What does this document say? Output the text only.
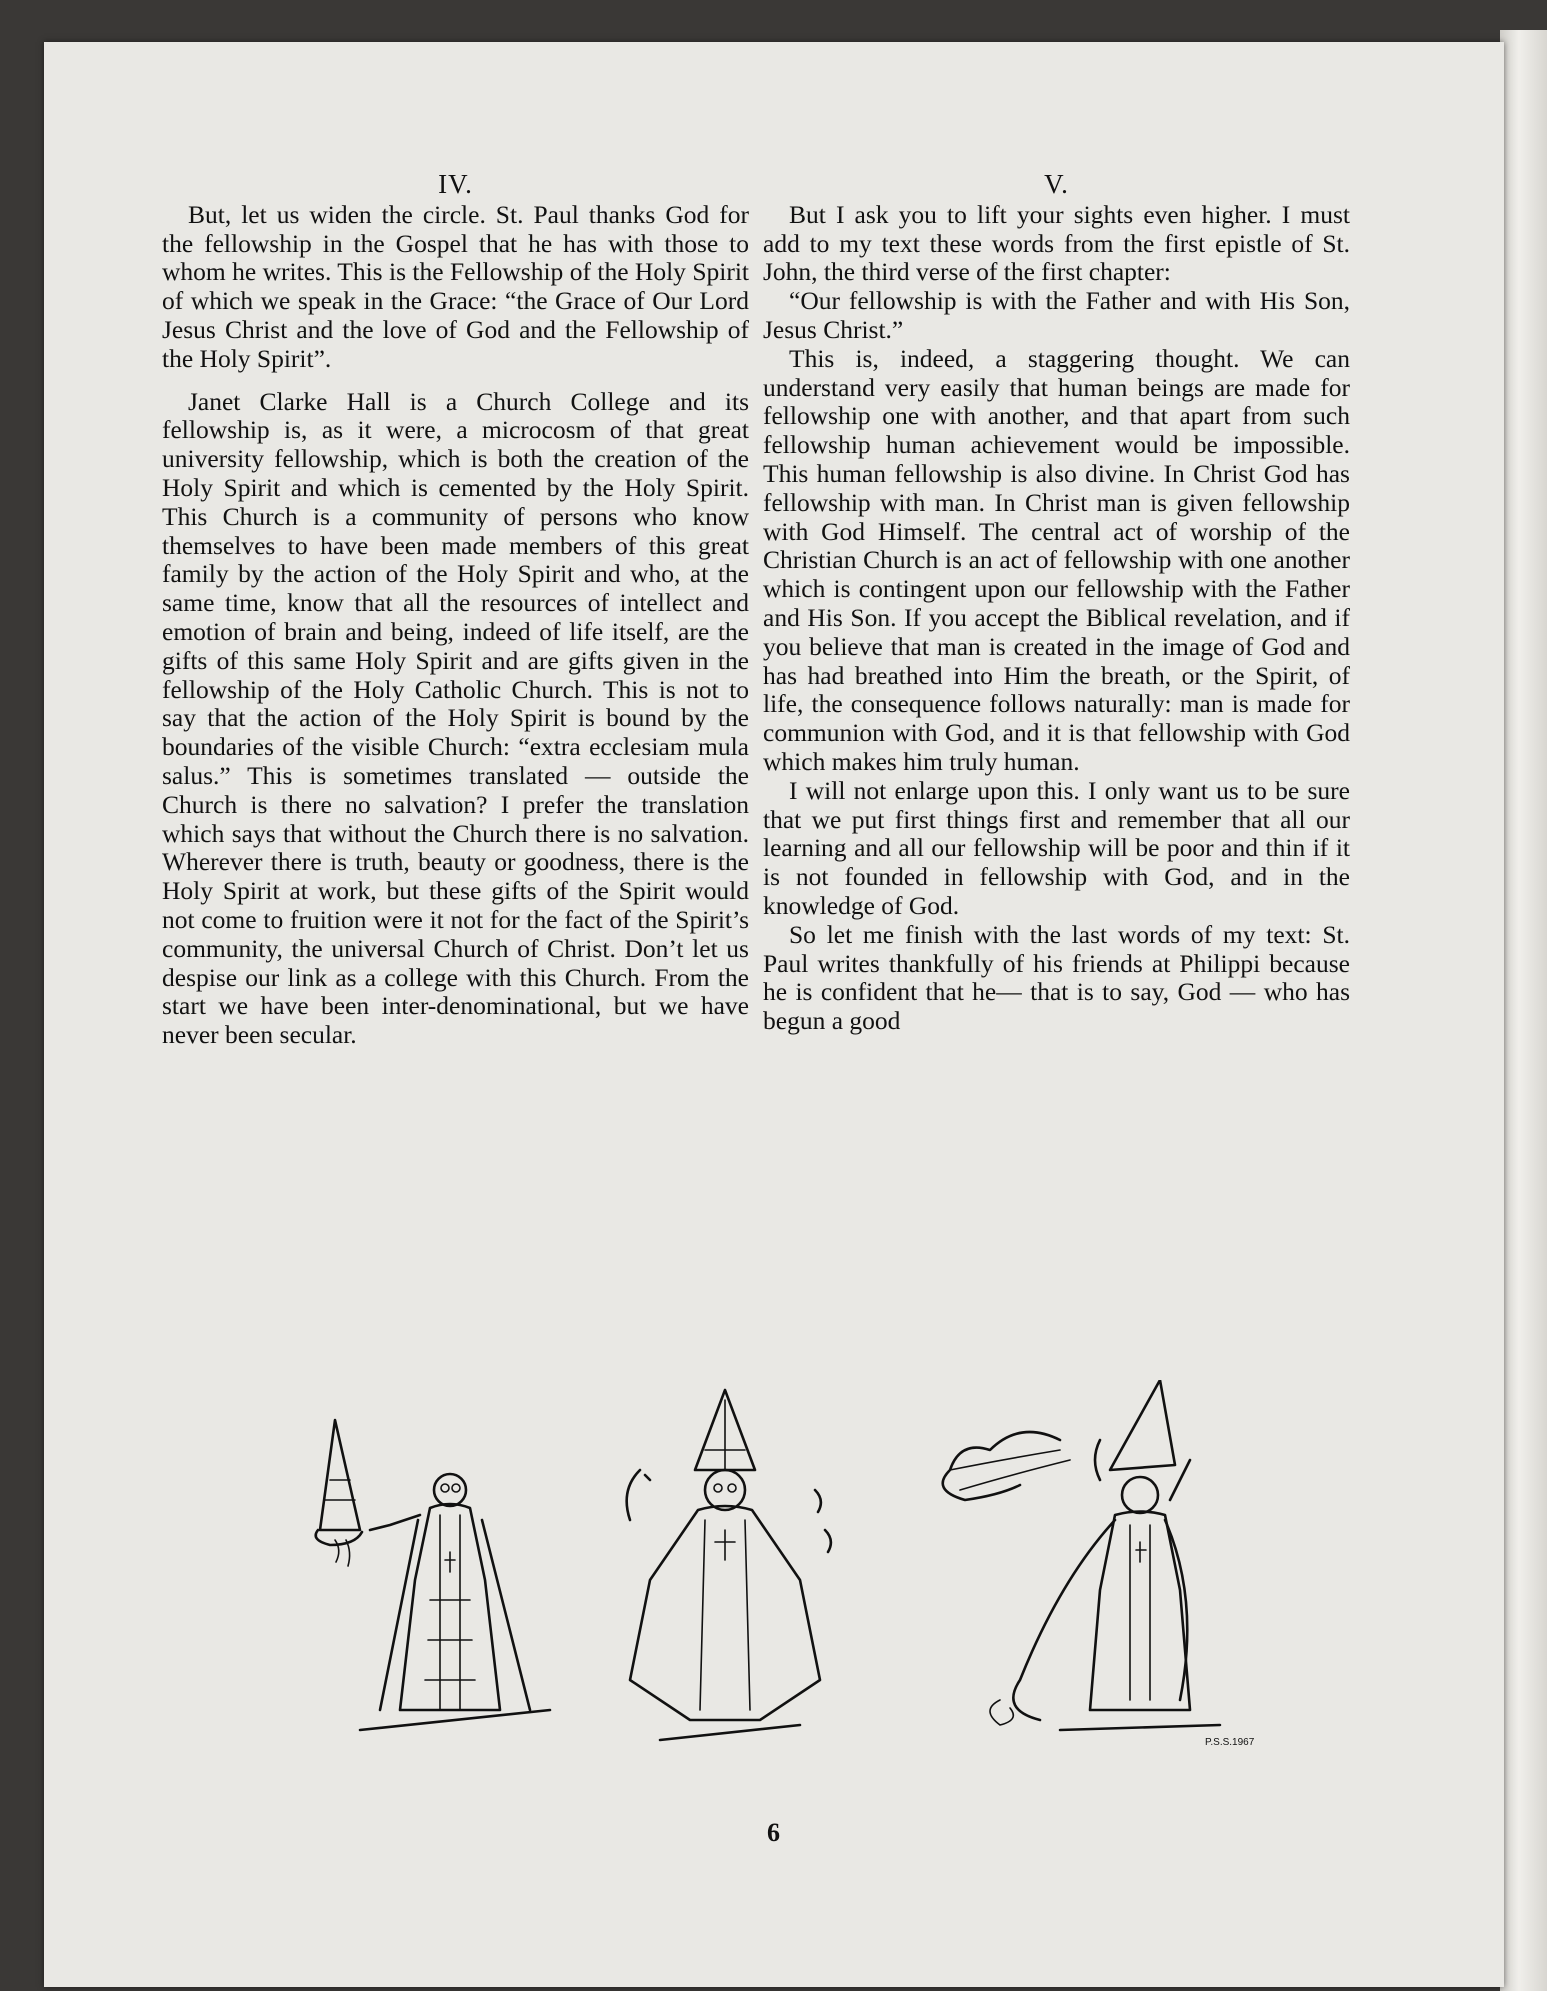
IV.

But, let us widen the circle. St. Paul thanks God for the fellowship in the Gospel that he has with those to whom he writes. This is the Fellowship of the Holy Spirit of which we speak in the Grace: “the Grace of Our Lord Jesus Christ and the love of God and the Fellowship of the Holy Spirit”.

Janet Clarke Hall is a Church College and its fellowship is, as it were, a microcosm of that great university fellowship, which is both the creation of the Holy Spirit and which is cemented by the Holy Spirit. This Church is a community of persons who know themselves to have been made members of this great family by the action of the Holy Spirit and who, at the same time, know that all the resources of intellect and emotion of brain and being, indeed of life itself, are the gifts of this same Holy Spirit and are gifts given in the fellowship of the Holy Catholic Church. This is not to say that the action of the Holy Spirit is bound by the boundaries of the visible Church: “extra ecclesiam mula salus.” This is sometimes translated — outside the Church is there no salvation? I prefer the translation which says that without the Church there is no salvation. Wherever there is truth, beauty or goodness, there is the Holy Spirit at work, but these gifts of the Spirit would not come to fruition were it not for the fact of the Spirit’s community, the universal Church of Christ. Don’t let us despise our link as a college with this Church. From the start we have been inter-denominational, but we have never been secular.

V.

But I ask you to lift your sights even higher. I must add to my text these words from the first epistle of St. John, the third verse of the first chapter:

“Our fellowship is with the Father and with His Son, Jesus Christ.”

This is, indeed, a staggering thought. We can understand very easily that human beings are made for fellowship one with another, and that apart from such fellowship human achievement would be impossible. This human fellowship is also divine. In Christ God has fellowship with man. In Christ man is given fellowship with God Himself. The central act of worship of the Christian Church is an act of fellowship with one another which is contingent upon our fellowship with the Father and His Son. If you accept the Biblical revelation, and if you believe that man is created in the image of God and has had breathed into Him the breath, or the Spirit, of life, the consequence follows naturally: man is made for communion with God, and it is that fellowship with God which makes him truly human.

I will not enlarge upon this. I only want us to be sure that we put first things first and remember that all our learning and all our fellowship will be poor and thin if it is not founded in fellowship with God, and in the knowledge of God.

So let me finish with the last words of my text: St. Paul writes thankfully of his friends at Philippi because he is confident that he— that is to say, God — who has begun a good

P.S.S.1967
6
